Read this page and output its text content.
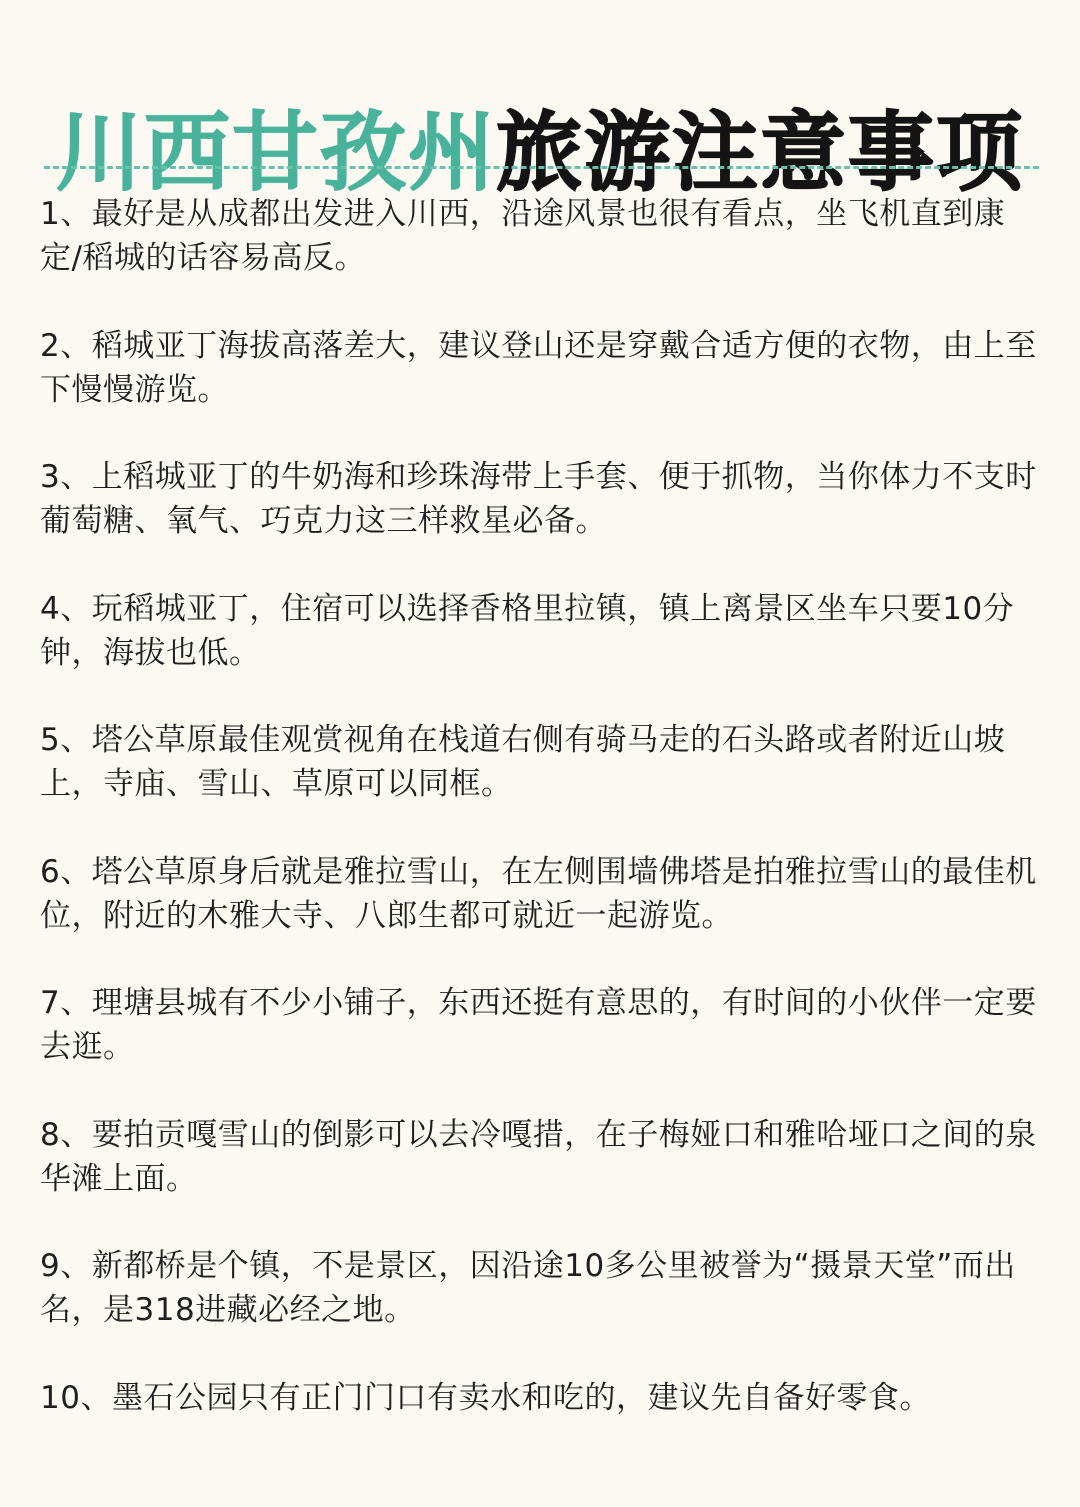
川西甘孜州旅游注意事项
1、最好是从成都出发进入川西，沿途风景也很有看点，坐飞机直到康定/稻城的话容易高反。
2、稻城亚丁海拔高落差大，建议登山还是穿戴合适方便的衣物，由上至下慢慢游览。
3、上稻城亚丁的牛奶海和珍珠海带上手套、便于抓物，当你体力不支时葡萄糖、氧气、巧克力这三样救星必备。
4、玩稻城亚丁，住宿可以选择香格里拉镇，镇上离景区坐车只要10分钟，海拔也低。
5、塔公草原最佳观赏视角在栈道右侧有骑马走的石头路或者附近山坡上，寺庙、雪山、草原可以同框。
6、塔公草原身后就是雅拉雪山，在左侧围墙佛塔是拍雅拉雪山的最佳机位，附近的木雅大寺、八郎生都可就近一起游览。
7、理塘县城有不少小铺子，东西还挺有意思的，有时间的小伙伴一定要去逛。
8、要拍贡嘎雪山的倒影可以去冷嘎措，在子梅娅口和雅哈垭口之间的泉华滩上面。
9、新都桥是个镇，不是景区，因沿途10多公里被誉为“摄景天堂”而出名，是318进藏必经之地。
10、墨石公园只有正门门口有卖水和吃的，建议先自备好零食。
